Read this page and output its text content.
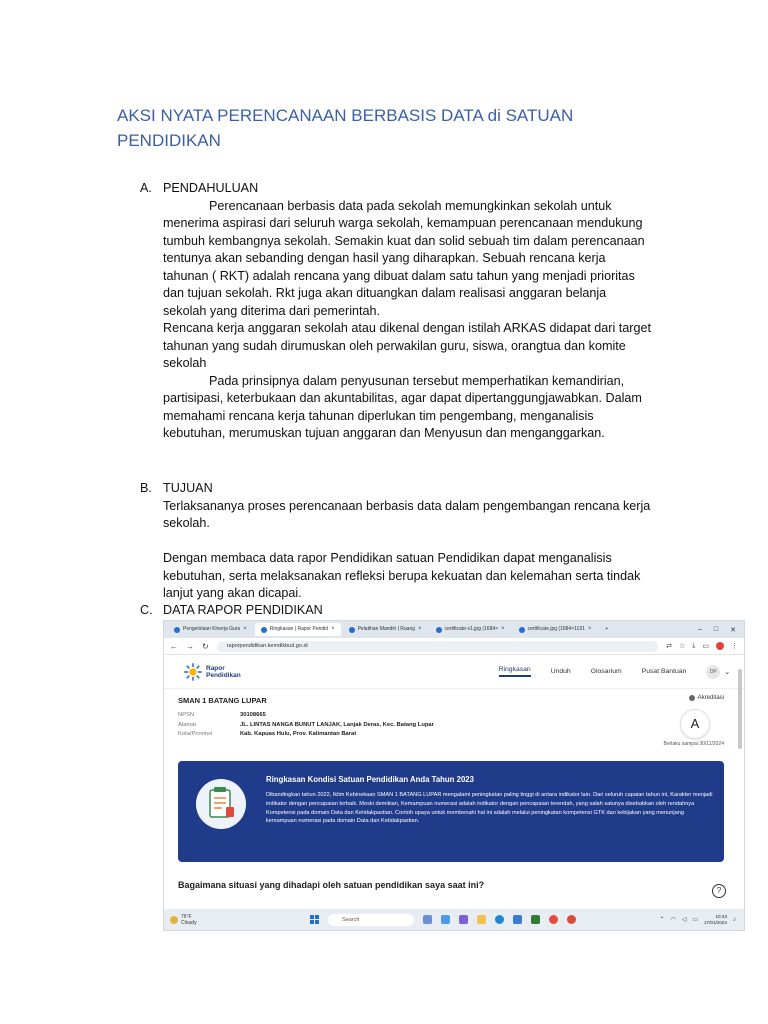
AKSI NYATA PERENCANAAN BERBASIS DATA di SATUAN PENDIDIKAN
A. PENDAHULUAN

Perencanaan berbasis data pada sekolah memungkinkan sekolah untuk menerima aspirasi dari seluruh warga sekolah, kemampuan perencanaan mendukung tumbuh kembangnya sekolah. Semakin kuat dan solid sebuah tim dalam perencanaan tentunya akan sebanding dengan hasil yang diharapkan. Sebuah rencana kerja tahunan ( RKT) adalah rencana yang dibuat dalam satu tahun yang menjadi prioritas dan tujuan sekolah. Rkt juga akan dituangkan dalam realisasi anggaran belanja sekolah yang diterima dari pemerintah.

Rencana kerja anggaran sekolah atau dikenal dengan istilah ARKAS didapat dari target tahunan yang sudah dirumuskan oleh perwakilan guru, siswa, orangtua dan komite sekolah

Pada prinsipnya dalam penyusunan tersebut memperhatikan kemandirian, partisipasi, keterbukaan dan akuntabilitas, agar dapat dipertanggungjawabkan. Dalam memahami rencana kerja tahunan diperlukan tim pengembang, menganalisis kebutuhan, merumuskan tujuan anggaran dan Menyusun dan menganggarkan.

B. TUJUAN

Terlaksananya proses perencanaan berbasis data dalam pengembangan rencana kerja sekolah.

Dengan membaca data rapor Pendidikan satuan Pendidikan dapat menganalisis kebutuhan, serta melaksanakan refleksi berupa kekuatan dan kelemahan serta tindak lanjut yang akan dicapai.

C. DATA RAPOR PENDIDIKAN
Pengelolaan Kinerja Guru ×	Ringkasan | Rapor Pendid ×	Pelatihan Mandiri | Ruang ×	certificate-v1.jpg (1684× ×	certificate.jpg (1684×1191 ×	+	– □ ✕
← → ↻	raporpendidikan.kemdikbud.go.id	⇄ ☆ ⤓ ▭	⋮
Rapor
Pendidikan
Ringkasan	Unduh	Glosarium	Pusat Bantuan	DP	⌄
SMAN 1 BATANG LUPAR
NPSN	30108665
Alamat	JL. LINTAS NANGA BUNUT LANJAK, Lanjak Deras, Kec. Batang Lupar
Kota/Provinsi	Kab. Kapuas Hulu, Prov. Kalimantan Barat
Akreditasi
A
Berlaku sampai 30/11/2024
Ringkasan Kondisi Satuan Pendidikan Anda Tahun 2023
Dibandingkan tahun 2022, Iklim Kebinekaan SMAN 1 BATANG LUPAR mengalami peningkatan paling tinggi di antara indikator lain. Dari seluruh capaian tahun ini, Karakter menjadi indikator dengan pencapaian terbaik. Meski demikian, Kemampuan numerasi adalah indikator dengan pencapaian terendah, yang salah satunya disebabkan oleh rendahnya Kompetensi pada domain Data dan Ketidakpastian. Contoh upaya untuk membenahi hal ini adalah melalui peningkatan kompetensi GTK dan kebijakan yang menunjang kemampuan numerasi pada domain Data dan Ketidakpastian.
Bagaimana situasi yang dihadapi oleh satuan pendidikan saya saat ini?
?
76°F
Cloudy	Search	⌃ ◠ ◁ ▭
10:43
17/01/2024 ♪
